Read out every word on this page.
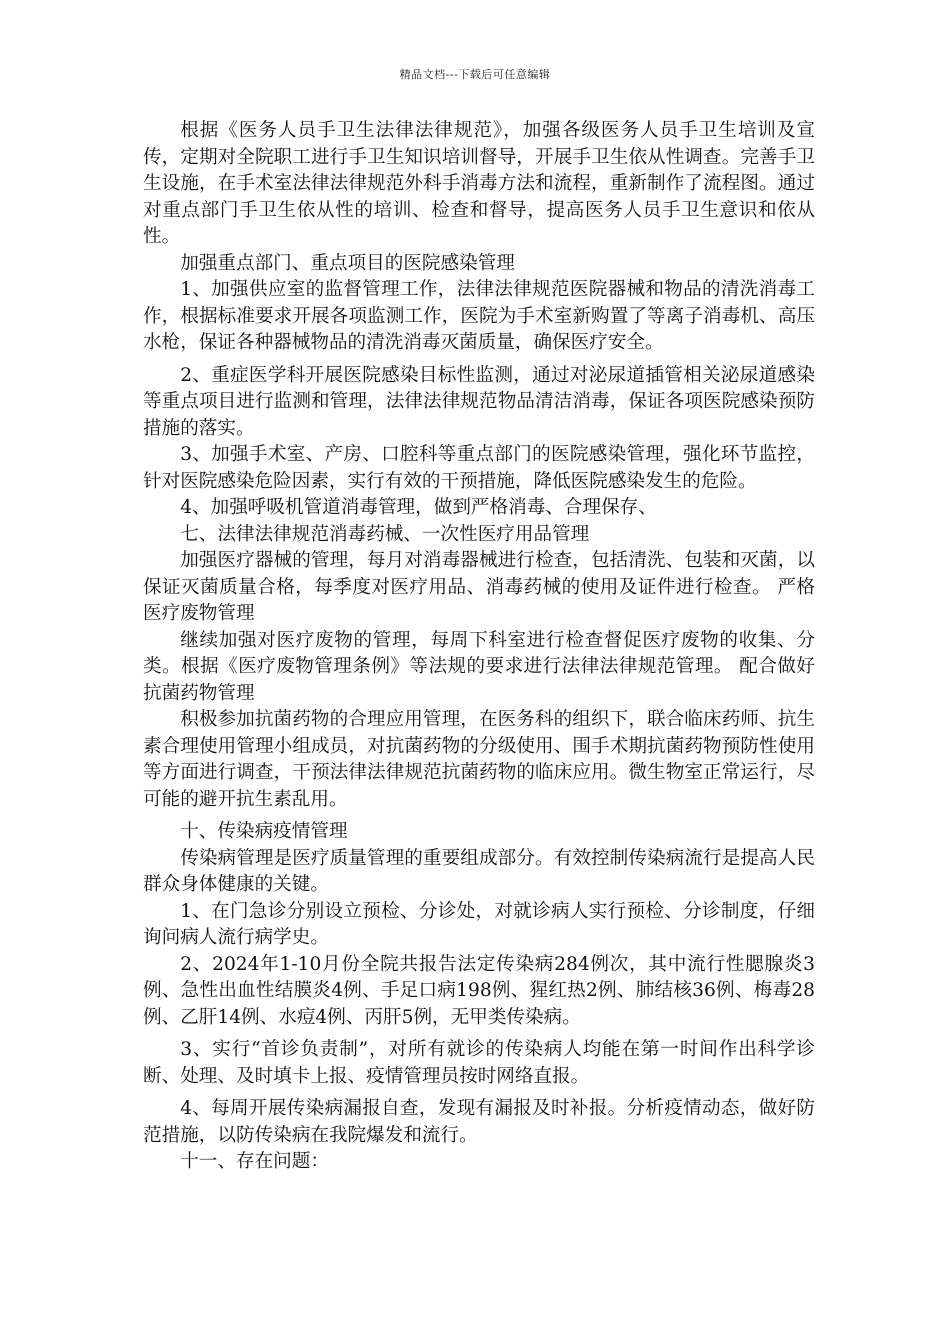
精品文档---下载后可任意编辑

根据《医务人员手卫生法律法律规范》，加强各级医务人员手卫生培训及宣传，定期对全院职工进行手卫生知识培训督导，开展手卫生依从性调查。完善手卫生设施，在手术室法律法律规范外科手消毒方法和流程，重新制作了流程图。通过对重点部门手卫生依从性的培训、检查和督导，提高医务人员手卫生意识和依从性。

加强重点部门、重点项目的医院感染管理

1、加强供应室的监督管理工作，法律法律规范医院器械和物品的清洗消毒工作，根据标准要求开展各项监测工作，医院为手术室新购置了等离子消毒机、高压水枪，保证各种器械物品的清洗消毒灭菌质量，确保医疗安全。

2、重症医学科开展医院感染目标性监测，通过对泌尿道插管相关泌尿道感染等重点项目进行监测和管理，法律法律规范物品清洁消毒，保证各项医院感染预防措施的落实。

3、加强手术室、产房、口腔科等重点部门的医院感染管理，强化环节监控，针对医院感染危险因素，实行有效的干预措施，降低医院感染发生的危险。

4、加强呼吸机管道消毒管理，做到严格消毒、合理保存、

七、法律法律规范消毒药械、一次性医疗用品管理

加强医疗器械的管理，每月对消毒器械进行检查，包括清洗、包装和灭菌，以保证灭菌质量合格，每季度对医疗用品、消毒药械的使用及证件进行检查。 严格医疗废物管理

继续加强对医疗废物的管理，每周下科室进行检查督促医疗废物的收集、分类。根据《医疗废物管理条例》等法规的要求进行法律法律规范管理。 配合做好抗菌药物管理

积极参加抗菌药物的合理应用管理，在医务科的组织下，联合临床药师、抗生素合理使用管理小组成员，对抗菌药物的分级使用、围手术期抗菌药物预防性使用等方面进行调查，干预法律法律规范抗菌药物的临床应用。微生物室正常运行，尽可能的避开抗生素乱用。

十、传染病疫情管理

传染病管理是医疗质量管理的重要组成部分。有效控制传染病流行是提高人民群众身体健康的关键。

1、在门急诊分别设立预检、分诊处，对就诊病人实行预检、分诊制度，仔细询问病人流行病学史。

2、2024年1-10月份全院共报告法定传染病284例次，其中流行性腮腺炎3例、急性出血性结膜炎4例、手足口病198例、猩红热2例、肺结核36例、梅毒28例、乙肝14例、水痘4例、丙肝5例，无甲类传染病。

3、实行“首诊负责制”，对所有就诊的传染病人均能在第一时间作出科学诊断、处理、及时填卡上报、疫情管理员按时网络直报。

4、每周开展传染病漏报自查，发现有漏报及时补报。分析疫情动态，做好防范措施，以防传染病在我院爆发和流行。

十一、存在问题：
